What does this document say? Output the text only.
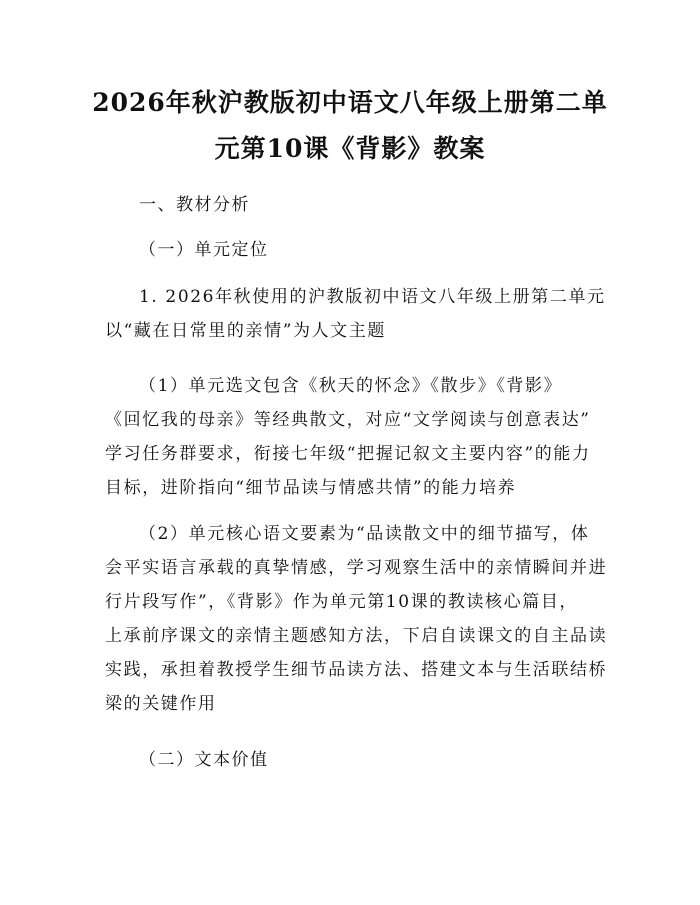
2026年秋沪教版初中语文八年级上册第二单
元第10课《背影》教案

一、教材分析

（一）单元定位

1. 2026年秋使用的沪教版初中语文八年级上册第二单元
以“藏在日常里的亲情”为人文主题
（1）单元选文包含《秋天的怀念》《散步》《背影》
《回忆我的母亲》等经典散文，对应“文学阅读与创意表达”
学习任务群要求，衔接七年级“把握记叙文主要内容”的能力
目标，进阶指向“细节品读与情感共情”的能力培养
（2）单元核心语文要素为“品读散文中的细节描写，体
会平实语言承载的真挚情感，学习观察生活中的亲情瞬间并进
行片段写作”，《背影》作为单元第10课的教读核心篇目，
上承前序课文的亲情主题感知方法，下启自读课文的自主品读
实践，承担着教授学生细节品读方法、搭建文本与生活联结桥
梁的关键作用

（二）文本价值
